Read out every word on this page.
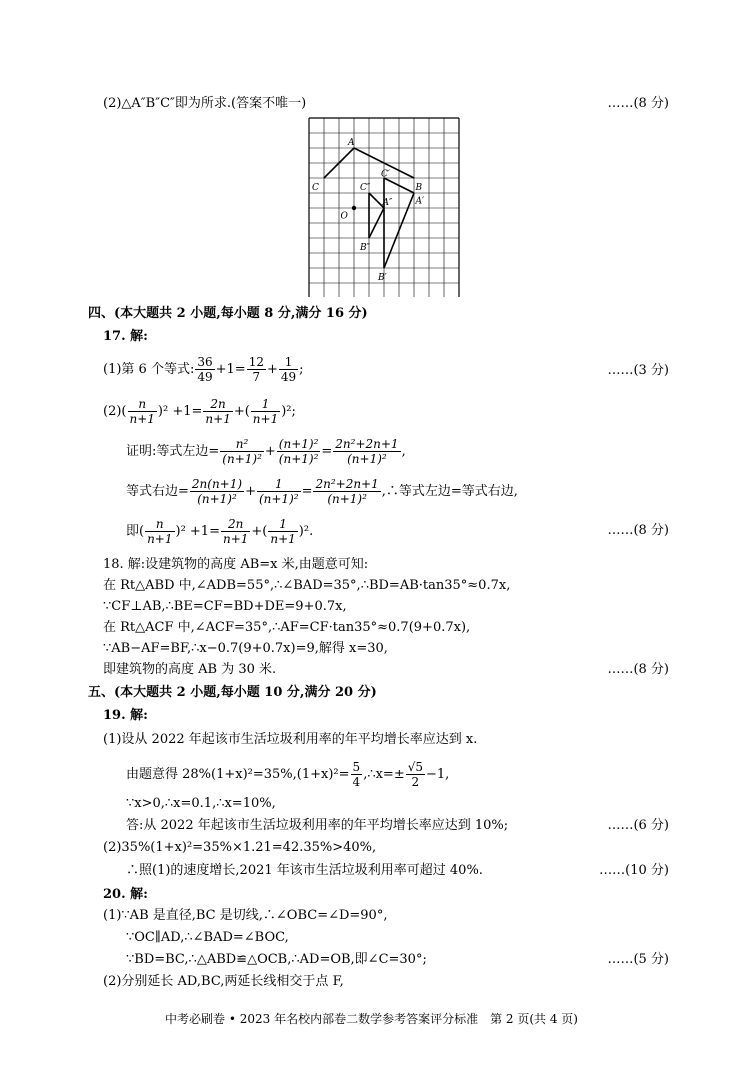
(2)△A″B″C″即为所求.(答案不唯一)	……(8 分)
A
B
C
O
A′
A″
B′
B″
C′
C″
四、(本大题共 2 小题,每小题 8 分,满分 16 分)
17. 解:
(1)第 6 个等式: $\frac{36}{49} +1= \frac{12}{7} + \frac{1}{49}$ ;	……(3 分)
$(2)( \frac{n}{n+1} )^2 +1= \frac{2n}{n+1}$ +( $\frac{1}{n+1} )^2$;
证明:等式左边= $\frac{\text{n²}}{\text{(n+1)²}} + \frac{\text{(n+1)²}}{\text{(n+1)²}} = \frac{\text{2n²+2n+1}}{\text{(n+1)²}}$ ,
等式右边= $\frac{2n(n+1)}{\text{(n+1)²}} + \frac{1}{\text{(n+1)²}} = \frac{\text{2n²+2n+1}}{\text{(n+1)²}}$ ,∴等式左边=等式右边,
即( $\frac{n}{n+1} )^2 +1= \frac{2n}{n+1}$ +( $\frac{1}{n+1} )^2$.	……(8 分)
18. 解:设建筑物的高度 AB=x 米,由题意可知:
在 Rt△ABD 中,∠ADB=55°,∴∠BAD=35°,∴BD=AB·tan35°≈0.7x,
∵CF⊥AB,∴BE=CF=BD+DE=9+0.7x,
在 Rt△ACF 中,∠ACF=35°,∴AF=CF·tan35°≈0.7(9+0.7x),
∵AB−AF=BF,∴x−0.7(9+0.7x)=9,解得 x=30,
即建筑物的高度 AB 为 30 米.	……(8 分)
五、(本大题共 2 小题,每小题 10 分,满分 20 分)
19. 解:
(1)设从 2022 年起该市生活垃圾利用率的年平均增长率应达到 x.
由题意得 $28\%(1+x)^2=35\%,(1+x)^2= \frac{5}{4}$ ,∴x=± $\frac{√5}{2} -1$,
∵x>0,∴x=0.1,∴x=10%,
答:从 2022 年起该市生活垃圾利用率的年平均增长率应达到 10%;	……(6 分)
(2)35%(1+x)²=35%×1.21=42.35%>40%,
∴照(1)的速度增长,2021 年该市生活垃圾利用率可超过 40%.	……(10 分)
20. 解:
(1)∵AB 是直径,BC 是切线,∴∠OBC=∠D=90°,
∵OC∥AD,∴∠BAD=∠BOC,
∵BD=BC,∴△ABD≌△OCB,∴AD=OB,即∠C=30°;	……(5 分)
(2)分别延长 AD,BC,两延长线相交于点 F,
中考必刷卷 • 2023 年名校内部卷二数学参考答案评分标准　第 2 页(共 4 页)
